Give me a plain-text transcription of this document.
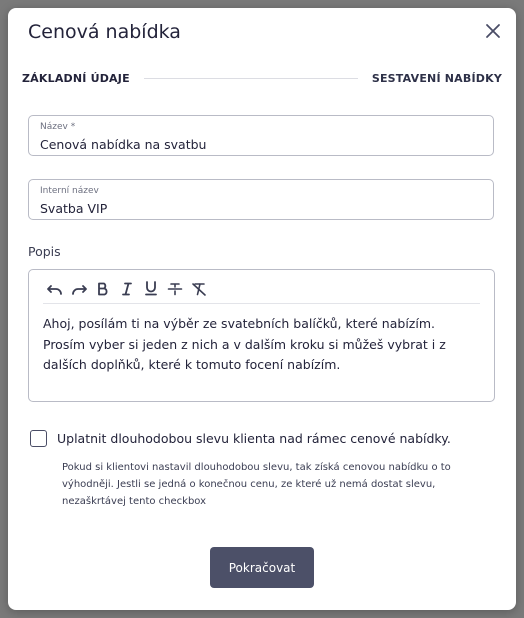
Cenová nabídka
ZÁKLADNÍ ÚDAJE	SESTAVENÍ NABÍDKY
Název *
Cenová nabídka na svatbu
Interní název
Svatba VIP
Popis
Ahoj, posílám ti na výběr ze svatebních balíčků, které nabízím.
Prosím vyber si jeden z nich a v dalším kroku si můžeš vybrat i z
dalších doplňků, které k tomuto focení nabízím.
Uplatnit dlouhodobou slevu klienta nad rámec cenové nabídky.
Pokud si klientovi nastavil dlouhodobou slevu, tak získá cenovou nabídku o to
výhodněji. Jestli se jedná o konečnou cenu, ze které už nemá dostat slevu,
nezaškrtávej tento checkbox
Pokračovat
